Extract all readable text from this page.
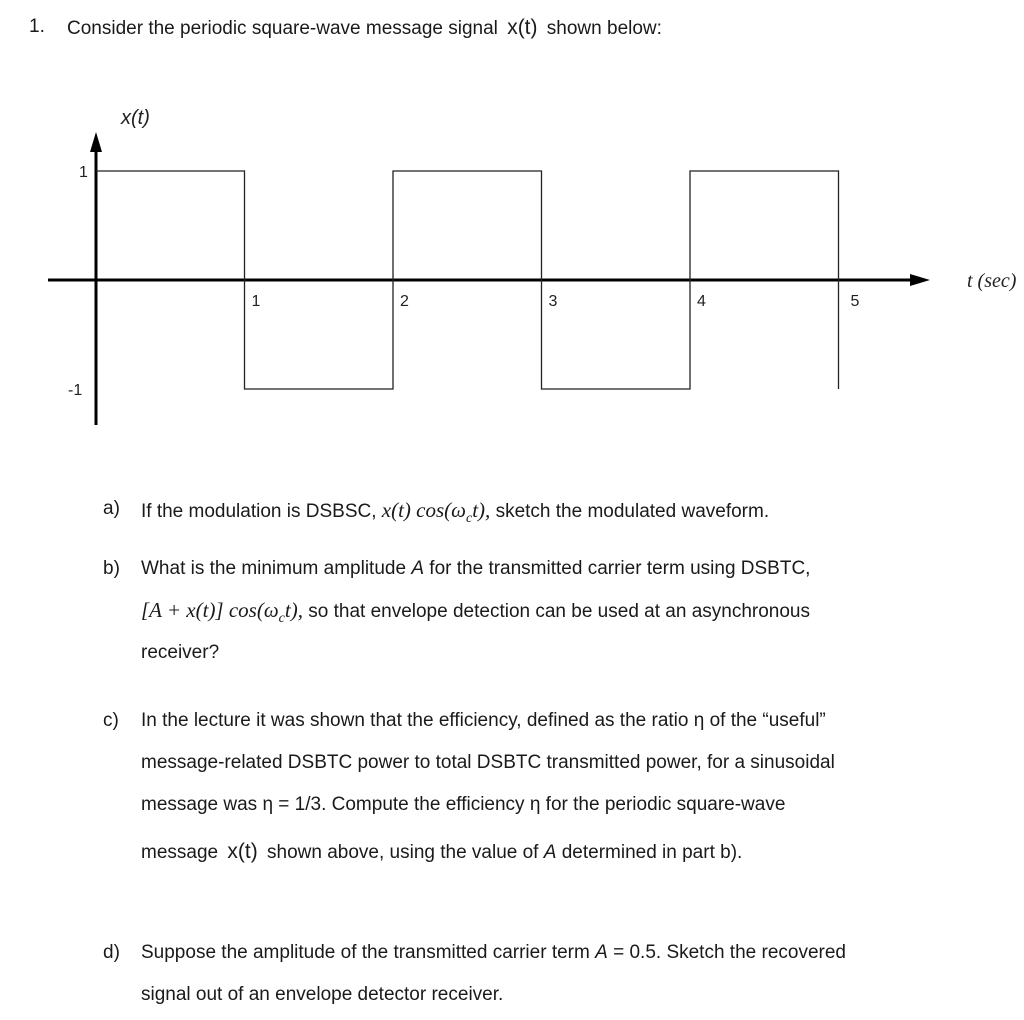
1. Consider the periodic square-wave message signal x(t) shown below:
1	2	3	4	5
1
-1
x(t)
t (sec)
a) If the modulation is DSBSC, x(t) $\cos(\omega_ct)$, sketch the modulated waveform.
b) What is the minimum amplitude A for the transmitted carrier term using DSBTC,
[A + x(t)] $\cos(\omega_ct)$, so that envelope detection can be used at an asynchronous
receiver?
c) In the lecture it was shown that the efficiency, defined as the ratio η of the “useful”
message-related DSBTC power to total DSBTC transmitted power, for a sinusoidal
message was η = 1/3. Compute the efficiency η for the periodic square-wave
message x(t) shown above, using the value of A determined in part b).
d) Suppose the amplitude of the transmitted carrier term A = 0.5. Sketch the recovered
signal out of an envelope detector receiver.
